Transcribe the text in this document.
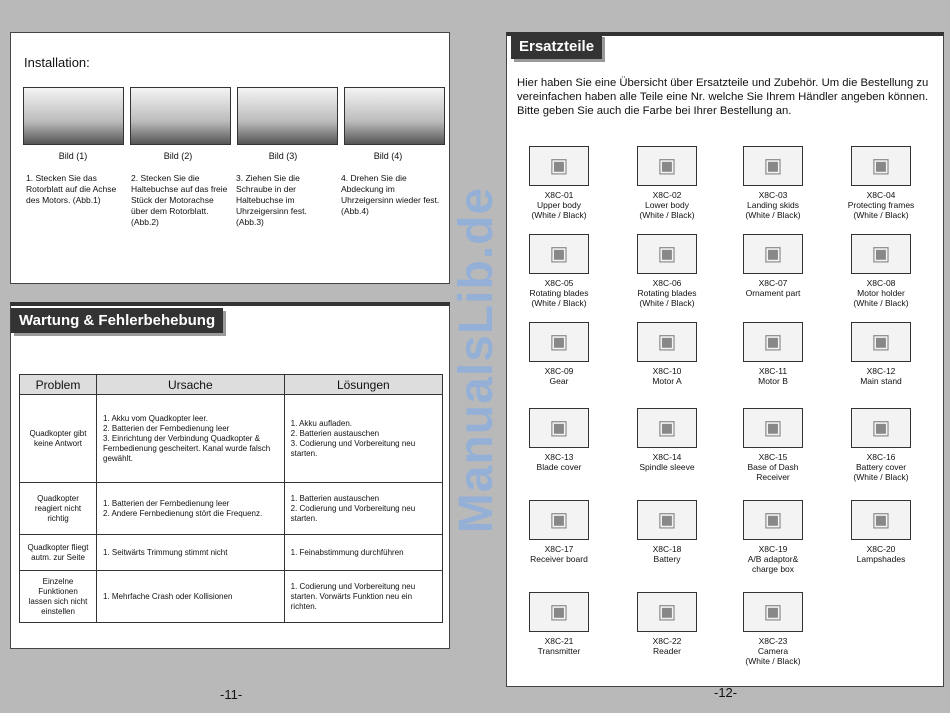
Installation:
Bild (1)
1. Stecken Sie das Rotorblatt auf die Achse des Motors. (Abb.1)
Bild (2)
2. Stecken Sie die Haltebuchse auf das freie Stück der Motorachse über dem Rotorblatt. (Abb.2)
Bild (3)
3. Ziehen Sie die Schraube in der Haltebuchse im Uhrzeigersinn fest. (Abb.3)
Bild (4)
4. Drehen Sie die Abdeckung im Uhrzeigersinn wieder fest. (Abb.4)
Wartung & Fehlerbehebung
Problem	Ursache	Lösungen
Quadkopter gibt keine Antwort	1. Akku vom Quadkopter leer.
2. Batterien der Fernbedienung leer
3. Einrichtung der Verbindung Quadkopter & Fernbedienung gescheitert. Kanal wurde falsch gewählt.	1. Akku aufladen.
2. Batterien austauschen
3. Codierung und Vorbereitung neu starten.
Quadkopter reagiert nicht richtig	1. Batterien der Fernbedienung leer
2. Andere Fernbedienung stört die Frequenz.	1. Batterien austauschen
2. Codierung und Vorbereitung neu starten.
Quadkopter fliegt autm. zur Seite	1. Seitwärts Trimmung stimmt nicht	1. Feinabstimmung durchführen
Einzelne Funktionen lassen sich nicht einstellen	1. Mehrfache Crash oder Kollisionen	1. Codierung und Vorbereitung neu starten. Vorwärts Funktion neu ein richten.
-11-
Ersatzteile
Hier haben Sie eine Übersicht über Ersatzteile und Zubehör. Um die Bestellung zu vereinfachen haben alle Teile eine Nr. welche Sie Ihrem Händler angeben können. Bitte geben Sie auch die Farbe bei Ihrer Bestellung an.
▣
X8C-01
Upper body
(White / Black)
▣
X8C-02
Lower body
(White / Black)
▣
X8C-03
Landing skids
(White / Black)
▣
X8C-04
Protecting frames
(White / Black)
▣
X8C-05
Rotating blades
(White / Black)
▣
X8C-06
Rotating blades
(White / Black)
▣
X8C-07
Ornament part
▣
X8C-08
Motor holder
(White / Black)
▣
X8C-09
Gear
▣
X8C-10
Motor A
▣
X8C-11
Motor B
▣
X8C-12
Main stand
▣
X8C-13
Blade cover
▣
X8C-14
Spindle sleeve
▣
X8C-15
Base of Dash
Receiver
▣
X8C-16
Battery cover
(White / Black)
▣
X8C-17
Receiver board
▣
X8C-18
Battery
▣
X8C-19
A/B adaptor&
charge box
▣
X8C-20
Lampshades
▣
X8C-21
Transmitter
▣
X8C-22
Reader
▣
X8C-23
Camera
(White / Black)
-12-
ManualsLib.de
